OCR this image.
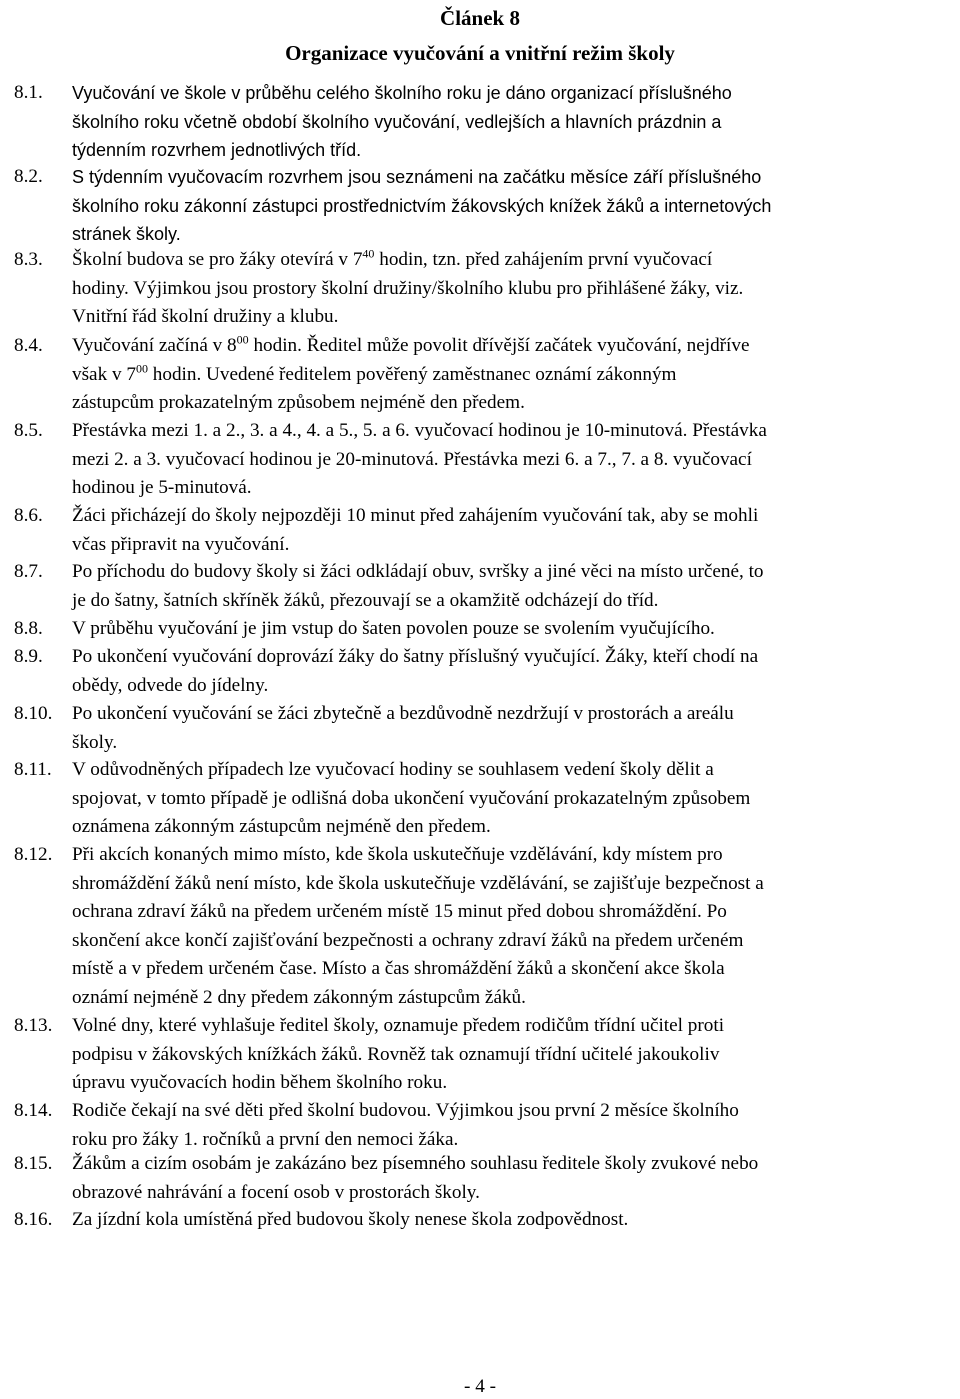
Článek 8
Organizace vyučování a vnitřní režim školy
8.1. Vyučování ve škole v průběhu celého školního roku je dáno organizací příslušného
školního roku včetně období školního vyučování, vedlejších a hlavních prázdnin a
týdenním rozvrhem jednotlivých tříd.
8.2. S týdenním vyučovacím rozvrhem jsou seznámeni na začátku měsíce září příslušného
školního roku zákonní zástupci prostřednictvím žákovských knížek žáků a internetových
stránek školy.
8.3. Školní budova se pro žáky otevírá v $7^{40}$ hodin, tzn. před zahájením první vyučovací
hodiny. Výjimkou jsou prostory školní družiny/školního klubu pro přihlášené žáky, viz.
Vnitřní řád školní družiny a klubu.
8.4. Vyučování začíná v $8^{00}$ hodin. Ředitel může povolit dřívější začátek vyučování, nejdříve
však v $7^{00}$ hodin. Uvedené ředitelem pověřený zaměstnanec oznámí zákonným
zástupcům prokazatelným způsobem nejméně den předem.
8.5. Přestávka mezi 1. a 2., 3. a 4., 4. a 5., 5. a 6. vyučovací hodinou je 10-minutová. Přestávka
mezi 2. a 3. vyučovací hodinou je 20-minutová. Přestávka mezi 6. a 7., 7. a 8. vyučovací
hodinou je 5-minutová.
8.6. Žáci přicházejí do školy nejpozději 10 minut před zahájením vyučování tak, aby se mohli
včas připravit na vyučování.
8.7. Po příchodu do budovy školy si žáci odkládají obuv, svršky a jiné věci na místo určené, to
je do šatny, šatních skříněk žáků, přezouvají se a okamžitě odcházejí do tříd.
8.8. V průběhu vyučování je jim vstup do šaten povolen pouze se svolením vyučujícího.
8.9. Po ukončení vyučování doprovází žáky do šatny příslušný vyučující. Žáky, kteří chodí na
obědy, odvede do jídelny.
8.10. Po ukončení vyučování se žáci zbytečně a bezdůvodně nezdržují v prostorách a areálu
školy.
8.11. V odůvodněných případech lze vyučovací hodiny se souhlasem vedení školy dělit a
spojovat, v tomto případě je odlišná doba ukončení vyučování prokazatelným způsobem
oznámena zákonným zástupcům nejméně den předem.
8.12. Při akcích konaných mimo místo, kde škola uskutečňuje vzdělávání, kdy místem pro
shromáždění žáků není místo, kde škola uskutečňuje vzdělávání, se zajišťuje bezpečnost a
ochrana zdraví žáků na předem určeném místě 15 minut před dobou shromáždění. Po
skončení akce končí zajišťování bezpečnosti a ochrany zdraví žáků na předem určeném
místě a v předem určeném čase. Místo a čas shromáždění žáků a skončení akce škola
oznámí nejméně 2 dny předem zákonným zástupcům žáků.
8.13. Volné dny, které vyhlašuje ředitel školy, oznamuje předem rodičům třídní učitel proti
podpisu v žákovských knížkách žáků. Rovněž tak oznamují třídní učitelé jakoukoliv
úpravu vyučovacích hodin během školního roku.
8.14. Rodiče čekají na své děti před školní budovou. Výjimkou jsou první 2 měsíce školního
roku pro žáky 1. ročníků a první den nemoci žáka.
8.15. Žákům a cizím osobám je zakázáno bez písemného souhlasu ředitele školy zvukové nebo
obrazové nahrávání a focení osob v prostorách školy.
8.16. Za jízdní kola umístěná před budovou školy nenese škola zodpovědnost.
- 4 -
